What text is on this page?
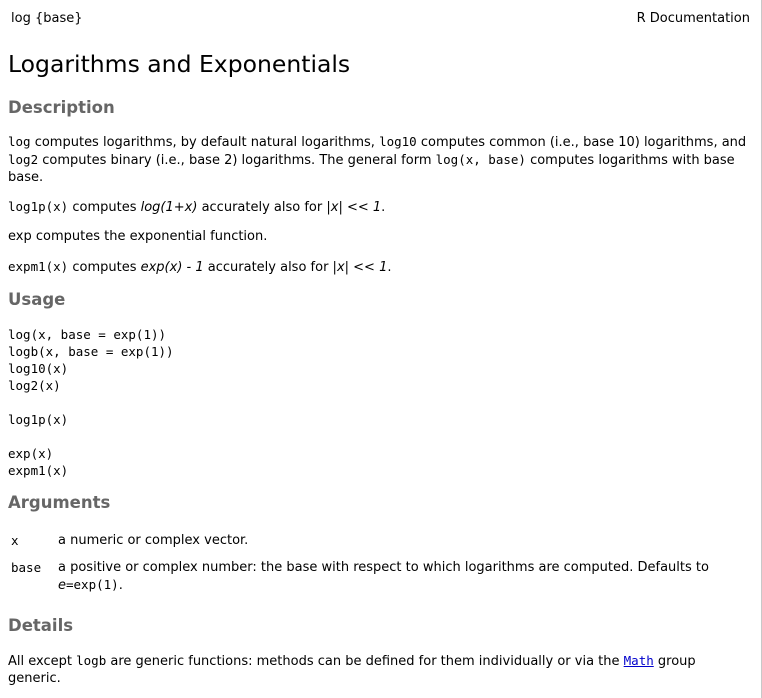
log {base}	R Documentation
Logarithms and Exponentials
Description
log computes logarithms, by default natural logarithms, log10 computes common (i.e., base 10) logarithms, and
log2 computes binary (i.e., base 2) logarithms. The general form log(x, base) computes logarithms with base
base.
log1p(x) computes log(1+x) accurately also for |x| << 1.
exp computes the exponential function.
expm1(x) computes exp(x) - 1 accurately also for |x| << 1.
Usage
log(x, base = exp(1))
logb(x, base = exp(1))
log10(x)
log2(x)
log1p(x)
exp(x)
expm1(x)
Arguments
x	a numeric or complex vector.
base a positive or complex number: the base with respect to which logarithms are computed. Defaults to
e=exp(1).
Details
All except logb are generic functions: methods can be defined for them individually or via the Math group
generic.
